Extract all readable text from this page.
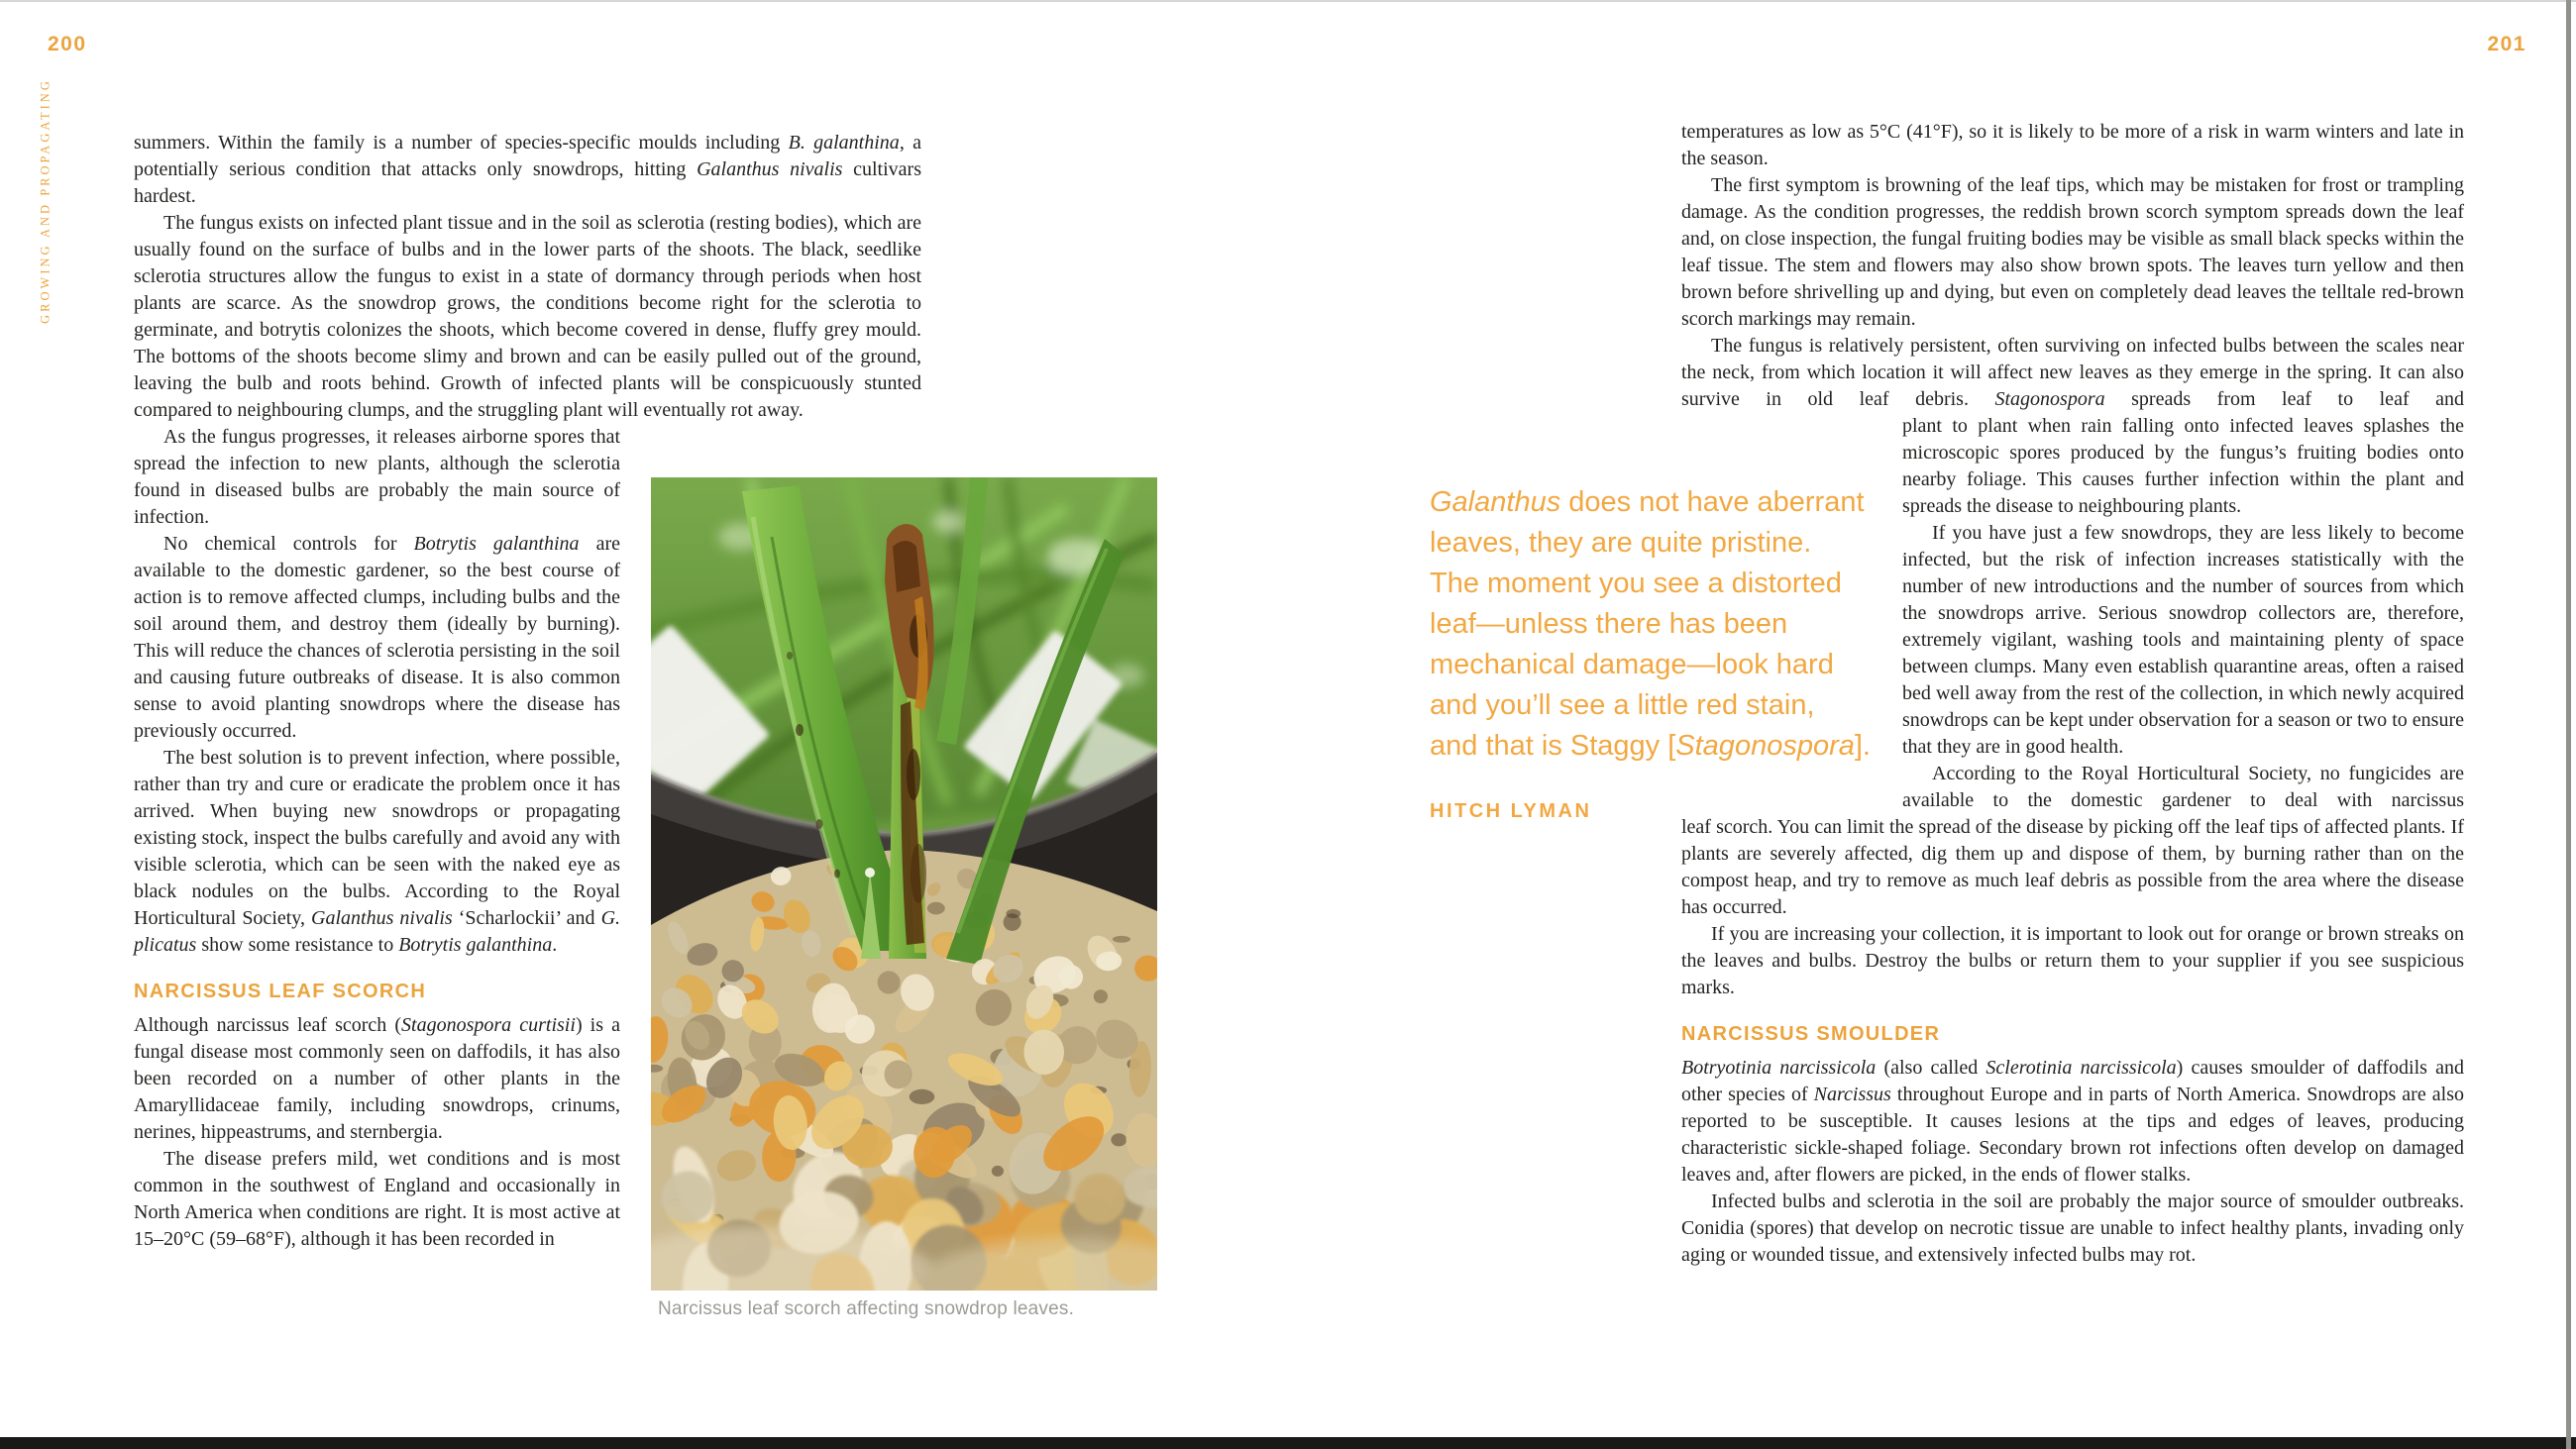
200
GROWING AND PROPAGATING	summers. Within the family is a number of species-specific moulds including B. galanthina, a potentially serious condition that attacks only snowdrops, hitting Galanthus nivalis cultivars hardest.

The fungus exists on infected plant tissue and in the soil as sclerotia (resting bodies), which are usually found on the surface of bulbs and in the lower parts of the shoots. The black, seedlike sclerotia structures allow the fungus to exist in a state of dormancy through periods when host plants are scarce. As the snowdrop grows, the conditions become right for the sclerotia to germinate, and botrytis colonizes the shoots, which become covered in dense, fluffy grey mould. The bottoms of the shoots become slimy and brown and can be easily pulled out of the ground, leaving the bulb and roots behind. Growth of infected plants will be conspicuously stunted compared to neighbouring clumps, and the struggling plant will eventually rot away.

As the fungus progresses, it releases airborne spores that spread the infection to new plants, although the sclerotia found in diseased bulbs are probably the main source of infection.

No chemical controls for Botrytis galanthina are available to the domestic gardener, so the best course of action is to remove affected clumps, including bulbs and the soil around them, and destroy them (ideally by burning). This will reduce the chances of sclerotia persisting in the soil and causing future outbreaks of disease. It is also common sense to avoid planting snowdrops where the disease has previously occurred.

The best solution is to prevent infection, where possible, rather than try and cure or eradicate the problem once it has arrived. When buying new snowdrops or propagating existing stock, inspect the bulbs carefully and avoid any with visible sclerotia, which can be seen with the naked eye as black nodules on the bulbs. According to the Royal Horticultural Society, Galanthus nivalis ‘Scharlockii’ and G. plicatus show some resistance to Botrytis galanthina.

NARCISSUS LEAF SCORCH

Although narcissus leaf scorch (Stagonospora curtisii) is a fungal disease most commonly seen on daffodils, it has also been recorded on a number of other plants in the Amaryllidaceae family, including snowdrops, crinums, nerines, hippeastrums, and sternbergia.

The disease prefers mild, wet conditions and is most common in the southwest of England and occasionally in North America when conditions are right. It is most active at 15–20°C (59–68°F), although it has been recorded in

Narcissus leaf scorch affecting snowdrop leaves.
201
Galanthus does not have aberrant
leaves, they are quite pristine.
The moment you see a distorted
leaf—unless there has been
mechanical damage—look hard
and you’ll see a little red stain,
and that is Staggy [Stagonospora].
HITCH LYMAN

temperatures as low as 5°C (41°F), so it is likely to be more of a risk in warm winters and late in the season.

The first symptom is browning of the leaf tips, which may be mistaken for frost or trampling damage. As the condition progresses, the reddish brown scorch symptom spreads down the leaf and, on close inspection, the fungal fruiting bodies may be visible as small black specks within the leaf tissue. The stem and flowers may also show brown spots. The leaves turn yellow and then brown before shrivelling up and dying, but even on completely dead leaves the telltale red-brown scorch markings may remain.

The fungus is relatively persistent, often surviving on infected bulbs between the scales near the neck, from which location it will affect new leaves as they emerge in the spring. It can also survive in old leaf debris. Stagonospora spreads from leaf to leaf and

plant to plant when rain falling onto infected leaves splashes the microscopic spores produced by the fungus’s fruiting bodies onto nearby foliage. This causes further infection within the plant and spreads the disease to neighbouring plants.

If you have just a few snowdrops, they are less likely to become infected, but the risk of infection increases statistically with the number of new introductions and the number of sources from which the snowdrops arrive. Serious snowdrop collectors are, therefore, extremely vigilant, washing tools and maintaining plenty of space between clumps. Many even establish quarantine areas, often a raised bed well away from the rest of the collection, in which newly acquired snowdrops can be kept under observation for a season or two to ensure that they are in good health.

According to the Royal Horticultural Society, no fungicides are available to the domestic gardener to deal with narcissus

leaf scorch. You can limit the spread of the disease by picking off the leaf tips of affected plants. If plants are severely affected, dig them up and dispose of them, by burning rather than on the compost heap, and try to remove as much leaf debris as possible from the area where the disease has occurred.

If you are increasing your collection, it is important to look out for orange or brown streaks on the leaves and bulbs. Destroy the bulbs or return them to your supplier if you see suspicious marks.

NARCISSUS SMOULDER

Botryotinia narcissicola (also called Sclerotinia narcissicola) causes smoulder of daffodils and other species of Narcissus throughout Europe and in parts of North America. Snowdrops are also reported to be susceptible. It causes lesions at the tips and edges of leaves, producing characteristic sickle-shaped foliage. Secondary brown rot infections often develop on damaged leaves and, after flowers are picked, in the ends of flower stalks.

Infected bulbs and sclerotia in the soil are probably the major source of smoulder outbreaks. Conidia (spores) that develop on necrotic tissue are unable to infect healthy plants, invading only aging or wounded tissue, and extensively infected bulbs may rot.
